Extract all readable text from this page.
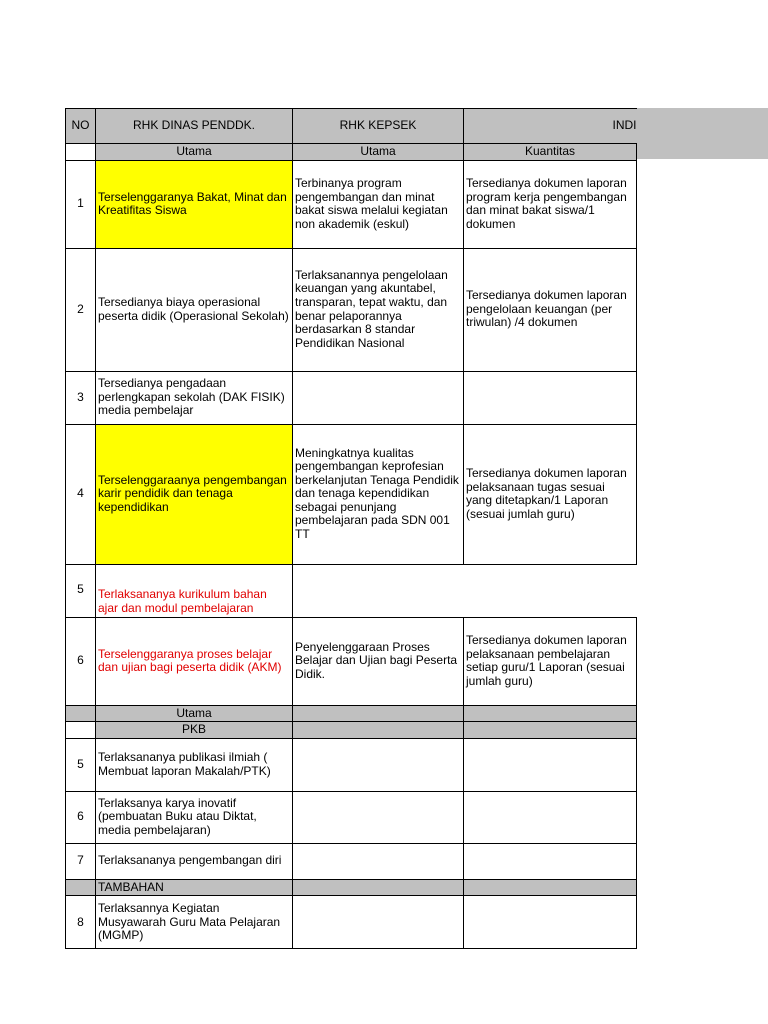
NO	RHK DINAS PENDDK.	RHK KEPSEK	INDI
	Utama	Utama	Kuantitas
1	Terselenggaranya Bakat, Minat dan Kreatifitas Siswa	Terbinanya program pengembangan dan minat bakat siswa melalui kegiatan non akademik (eskul)	Tersedianya dokumen laporan program kerja pengembangan dan minat bakat siswa/1 dokumen
2	Tersedianya biaya operasional peserta didik (Operasional Sekolah)	Terlaksanannya pengelolaan keuangan yang akuntabel, transparan, tepat waktu, dan benar pelaporannya berdasarkan 8 standar Pendidikan Nasional	Tersedianya dokumen laporan pengelolaan keuangan (per triwulan) /4 dokumen
3	Tersedianya pengadaan perlengkapan sekolah (DAK FISIK) media pembelajar		
4	Terselenggaraanya pengembangan karir pendidik dan tenaga kependidikan	Meningkatnya kualitas pengembangan keprofesian berkelanjutan Tenaga Pendidik dan tenaga kependidikan sebagai penunjang pembelajaran pada SDN 001 TT	Tersedianya dokumen laporan pelaksanaan tugas sesuai yang ditetapkan/1 Laporan (sesuai jumlah guru)
5	Terlaksananya kurikulum bahan ajar dan modul pembelajaran		
6	Terselenggaranya proses belajar dan ujian bagi peserta didik (AKM)	Penyelenggaraan Proses Belajar dan Ujian bagi Peserta Didik.	Tersedianya dokumen laporan pelaksanaan pembelajaran setiap guru/1 Laporan (sesuai jumlah guru)
	Utama		
	PKB		
5	Terlaksananya publikasi ilmiah ( Membuat laporan Makalah/PTK)		
6	Terlaksanya karya inovatif (pembuatan Buku atau Diktat, media pembelajaran)		
7	Terlaksananya pengembangan diri		
	TAMBAHAN		
8	Terlaksannya Kegiatan Musyawarah Guru Mata Pelajaran (MGMP)		
